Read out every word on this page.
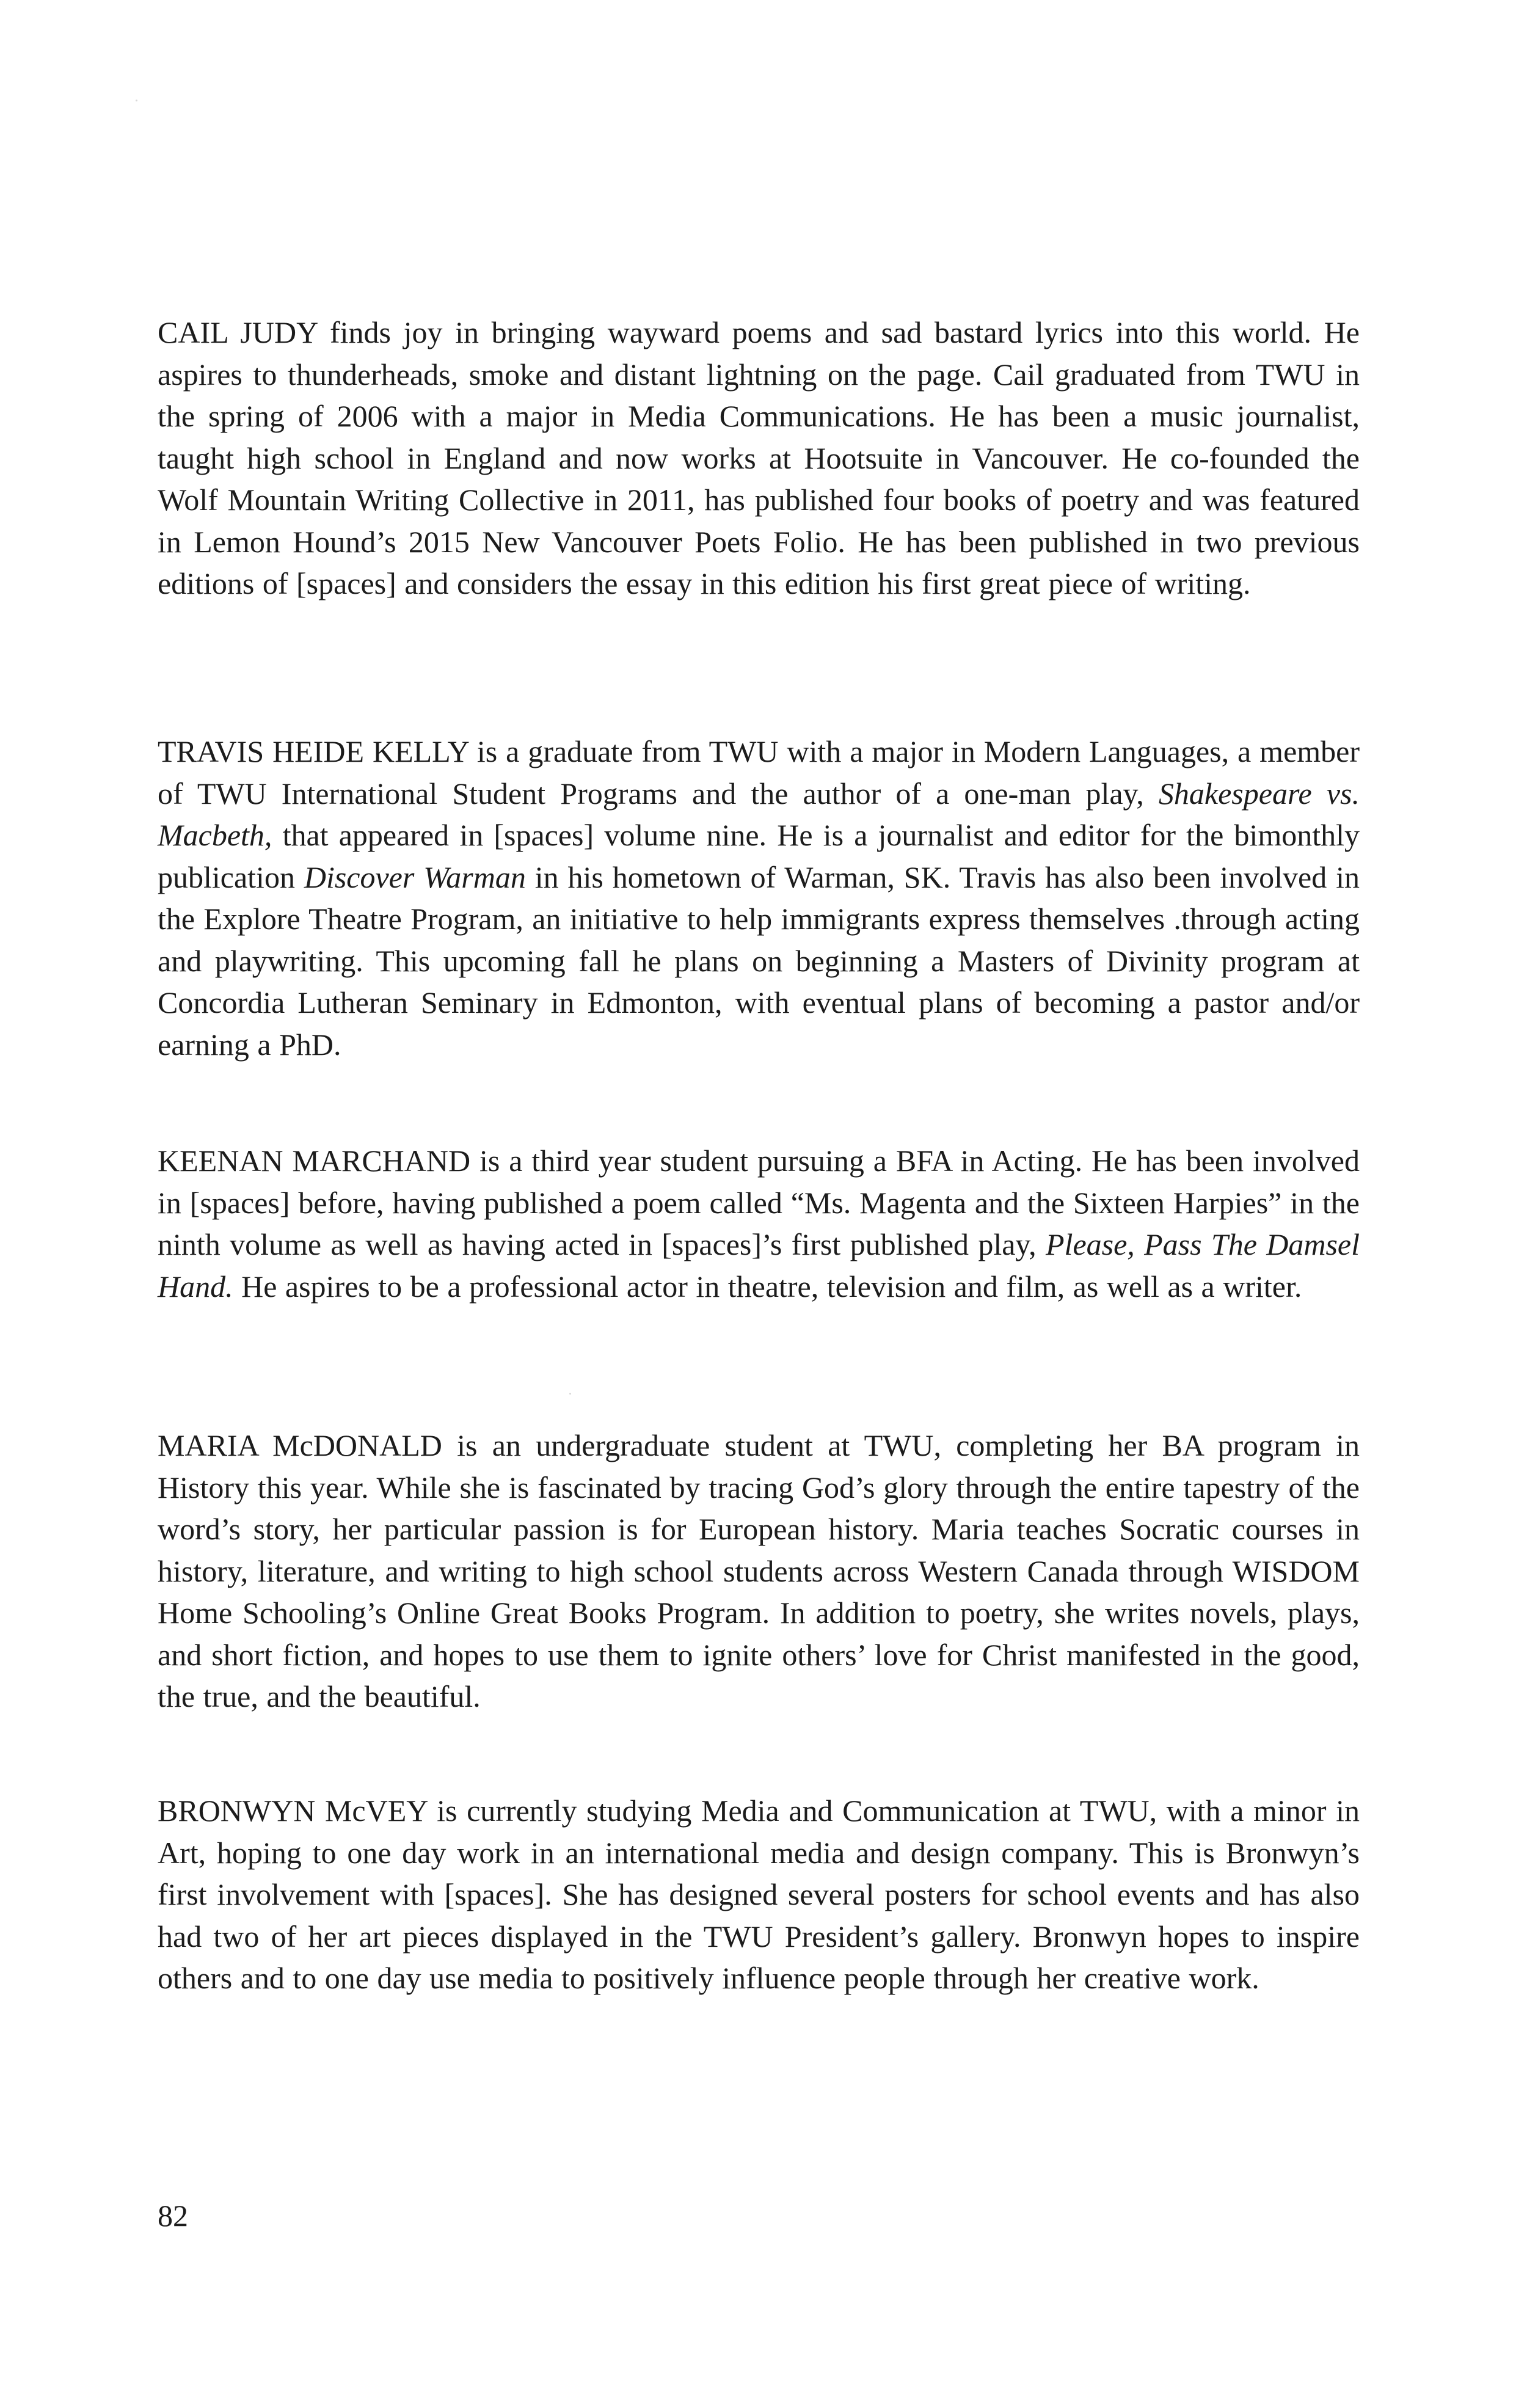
CAIL JUDY finds joy in bringing wayward poems and sad bastard lyrics into this world. He aspires to thunderheads, smoke and distant lightning on the page. Cail graduated from TWU in the spring of 2006 with a major in Media Communications. He has been a music journalist, taught high school in England and now works at Hootsuite in Vancouver. He co-founded the Wolf Mountain Writing Collective in 2011, has published four books of poetry and was featured in Lemon Hound’s 2015 New Vancouver Poets Folio. He has been published in two previous editions of [spaces] and considers the essay in this edition his first great piece of writing.

TRAVIS HEIDE KELLY is a graduate from TWU with a major in Modern Languages, a member of TWU International Student Programs and the author of a one-man play, Shakespeare vs. Macbeth, that appeared in [spaces] volume nine. He is a journalist and editor for the bimonthly publication Discover Warman in his hometown of Warman, SK. Travis has also been involved in the Explore Theatre Program, an initiative to help immigrants express themselves .through acting and playwriting. This upcoming fall he plans on beginning a Masters of Divinity program at Concordia Lutheran Seminary in Edmonton, with eventual plans of becoming a pastor and/or earning a PhD.

KEENAN MARCHAND is a third year student pursuing a BFA in Acting. He has been involved in [spaces] before, having published a poem called “Ms. Magenta and the Sixteen Harpies” in the ninth volume as well as having acted in [spaces]’s first published play, Please, Pass The Damsel Hand. He aspires to be a professional actor in theatre, television and film, as well as a writer.

MARIA McDONALD is an undergraduate student at TWU, completing her BA program in History this year. While she is fascinated by tracing God’s glory through the entire tapestry of the word’s story, her particular passion is for European history. Maria teaches Socratic courses in history, literature, and writing to high school students across Western Canada through WISDOM Home Schooling’s Online Great Books Program. In addition to poetry, she writes novels, plays, and short fiction, and hopes to use them to ignite others’ love for Christ manifested in the good, the true, and the beautiful.

BRONWYN McVEY is currently studying Media and Communication at TWU, with a minor in Art, hoping to one day work in an international media and design company. This is Bronwyn’s first involvement with [spaces]. She has designed several posters for school events and has also had two of her art pieces displayed in the TWU President’s gallery. Bronwyn hopes to inspire others and to one day use media to positively influence people through her creative work.

82
